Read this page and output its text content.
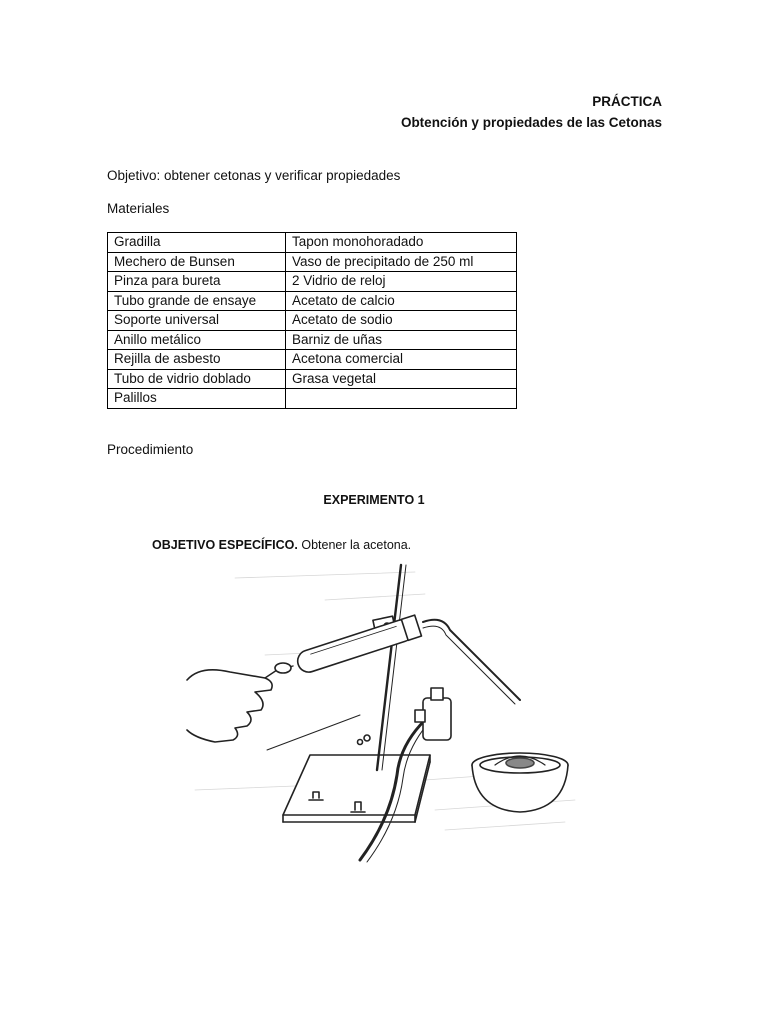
PRÁCTICA
Obtención y propiedades de las Cetonas
Objetivo: obtener cetonas y verificar propiedades
Materiales
Gradilla	Tapon monohoradado
Mechero de Bunsen	Vaso de precipitado de 250 ml
Pinza para bureta	2 Vidrio de reloj
Tubo grande de ensaye	Acetato de calcio
Soporte universal	Acetato de sodio
Anillo metálico	Barniz de uñas
Rejilla de asbesto	Acetona comercial
Tubo de vidrio doblado	Grasa vegetal
Palillos	
Procedimiento
EXPERIMENTO 1
OBJETIVO ESPECÍFICO. Obtener la acetona.
